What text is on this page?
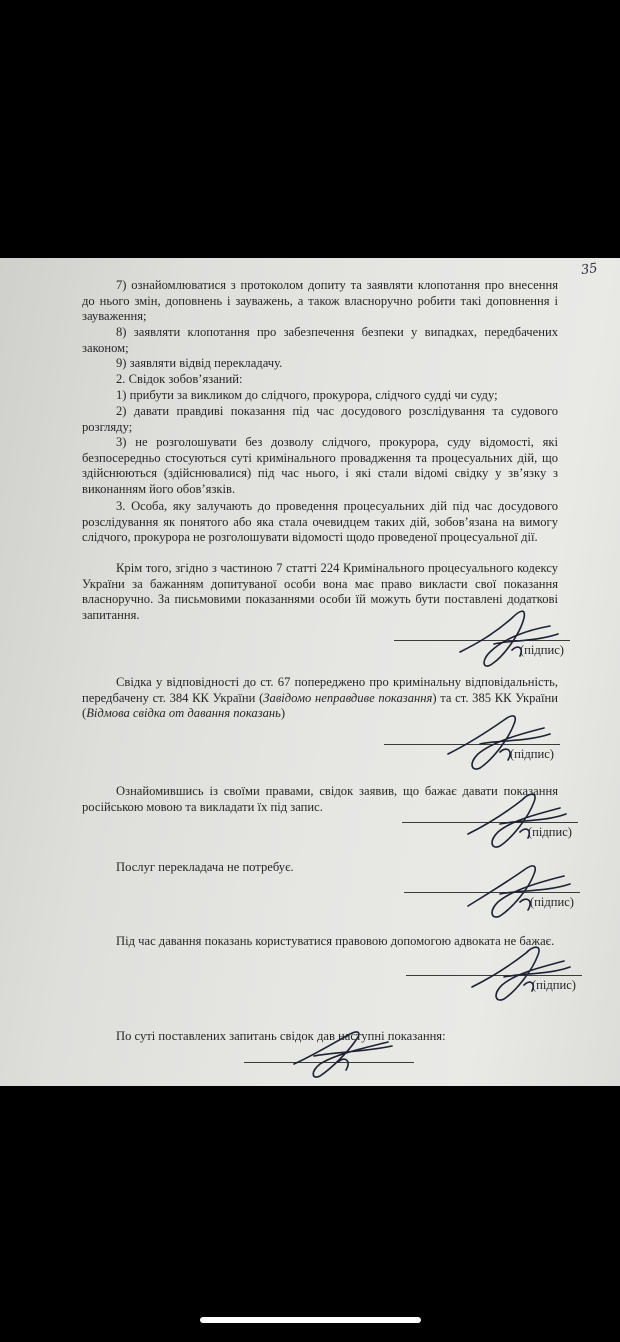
35
7) ознайомлюватися з протоколом допиту та заявляти клопотання про внесення до нього змін, доповнень і зауважень, а також власноручно робити такі доповнення і зауваження;
8) заявляти клопотання про забезпечення безпеки у випадках, передбачених законом;
9) заявляти відвід перекладачу.
2. Свідок зобов’язаний:
1) прибути за викликом до слідчого, прокурора, слідчого судді чи суду;
2) давати правдиві показання під час досудового розслідування та судового розгляду;
3) не розголошувати без дозволу слідчого, прокурора, суду відомості, які безпосередньо стосуються суті кримінального провадження та процесуальних дій, що здійснюються (здійснювалися) під час нього, і які стали відомі свідку у зв’язку з виконанням його обов’язків.
3. Особа, яку залучають до проведення процесуальних дій під час досудового розслідування як понятого або яка стала очевидцем таких дій, зобов’язана на вимогу слідчого, прокурора не розголошувати відомості щодо проведеної процесуальної дії.
Крім того, згідно з частиною 7 статті 224 Кримінального процесуального кодексу України за бажанням допитуваної особи вона має право викласти свої показання власноручно. За письмовими показаннями особи їй можуть бути поставлені додаткові запитання.
Свідка у відповідності до ст. 67 попереджено про кримінальну відповідальність, передбачену ст. 384 КК України (Завідомо неправдиве показання) та ст. 385 КК України (Відмова свідка от давання показань)
Ознайомившись із своїми правами, свідок заявив, що бажає давати показання російською мовою та викладати їх під запис.
Послуг перекладача не потребує.
Під час давання показань користуватися правовою допомогою адвоката не бажає.
По суті поставлених запитань свідок дав наступні показання:
(підпис)
(підпис)
(підпис)
(підпис)
(підпис)
